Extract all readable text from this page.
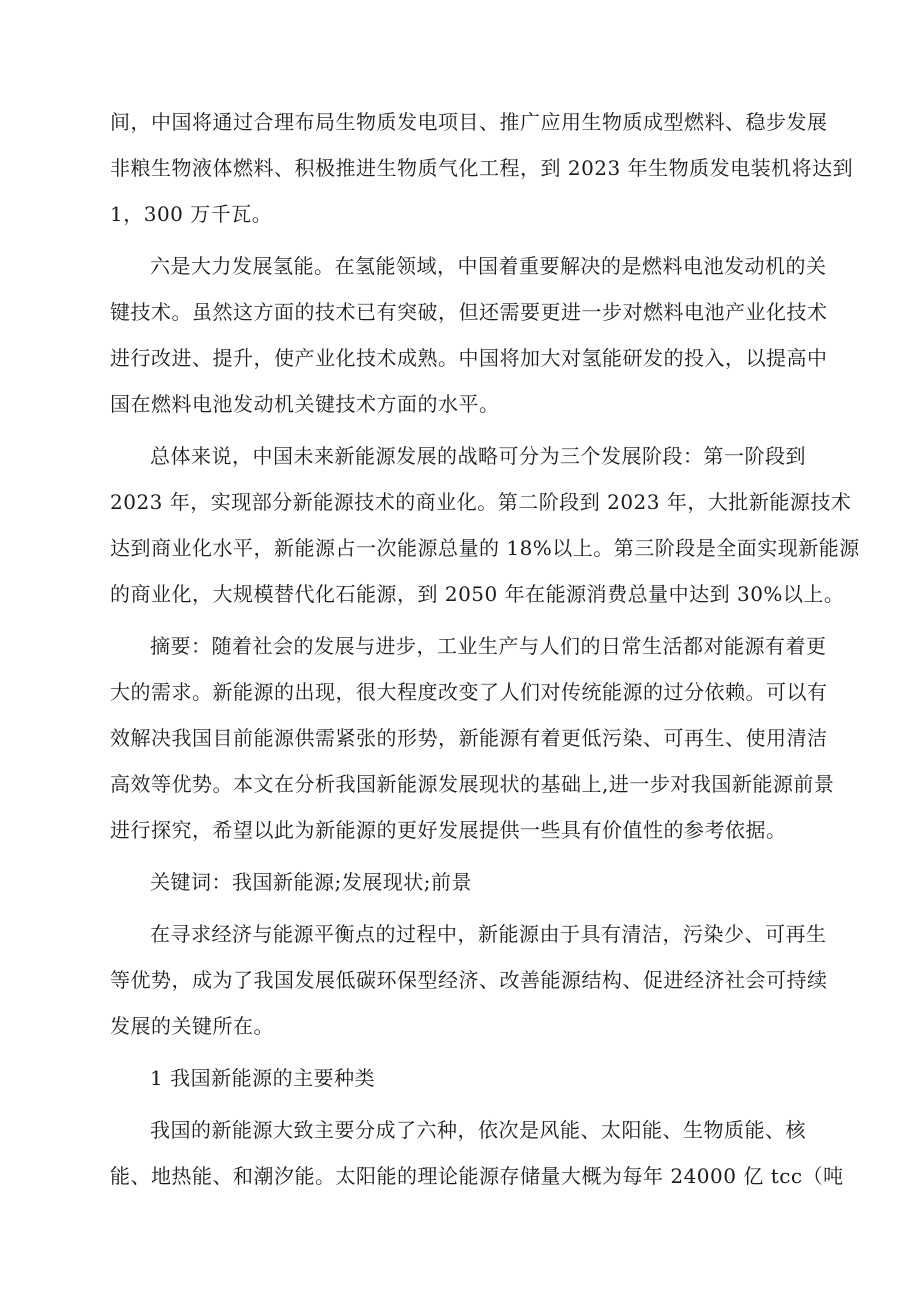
间，中国将通过合理布局生物质发电项目、推广应用生物质成型燃料、稳步发展
非粮生物液体燃料、积极推进生物质气化工程，到 2023 年生物质发电装机将达到
1，300 万千瓦。
六是大力发展氢能。在氢能领域，中国着重要解决的是燃料电池发动机的关
键技术。虽然这方面的技术已有突破，但还需要更进一步对燃料电池产业化技术
进行改进、提升，使产业化技术成熟。中国将加大对氢能研发的投入，以提高中
国在燃料电池发动机关键技术方面的水平。
总体来说，中国未来新能源发展的战略可分为三个发展阶段：第一阶段到
2023 年，实现部分新能源技术的商业化。第二阶段到 2023 年，大批新能源技术
达到商业化水平，新能源占一次能源总量的 18%以上。第三阶段是全面实现新能源
的商业化，大规模替代化石能源，到 2050 年在能源消费总量中达到 30%以上。
摘要：随着社会的发展与进步，工业生产与人们的日常生活都对能源有着更
大的需求。新能源的出现，很大程度改变了人们对传统能源的过分依赖。可以有
效解决我国目前能源供需紧张的形势，新能源有着更低污染、可再生、使用清洁
高效等优势。本文在分析我国新能源发展现状的基础上,进一步对我国新能源前景
进行探究，希望以此为新能源的更好发展提供一些具有价值性的参考依据。
关键词：我国新能源;发展现状;前景
在寻求经济与能源平衡点的过程中，新能源由于具有清洁，污染少、可再生
等优势，成为了我国发展低碳环保型经济、改善能源结构、促进经济社会可持续
发展的关键所在。
1 我国新能源的主要种类
我国的新能源大致主要分成了六种，依次是风能、太阳能、生物质能、核
能、地热能、和潮汐能。太阳能的理论能源存储量大概为每年 24000 亿 tcc（吨
